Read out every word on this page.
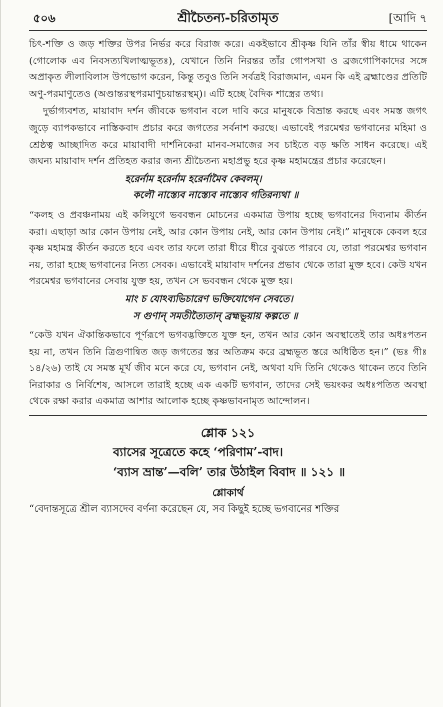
৫০৬	শ্রীচৈতন্য-চরিতামৃত	[আদি ৭

চিৎ-শক্তি ও জড় শক্তির উপর নির্ভর করে বিরাজ করে। একইভাবে শ্রীকৃষ্ণ যিনি তাঁর স্বীয় ধামে থাকেন (গোলোক এব নিবসত্যখিলাত্মভূতঃ), যেখানে তিনি নিরন্তর তাঁর গোপসখা ও ব্রজগোপিকাদের সঙ্গে অপ্রাকৃত লীলাবিলাস উপভোগ করেন, কিন্তু তবুও তিনি সর্বত্রই বিরাজমান, এমন কি এই ব্রহ্মাণ্ডের প্রতিটি অণু-পরমাণুতেও (অণ্ডান্তরস্থপরমাণুচয়ান্তরস্থম্)। এটি হচ্ছে বৈদিক শাস্ত্রের তথ্য।

দুর্ভাগ্যবশত, মায়াবাদ দর্শন জীবকে ভগবান বলে দাবি করে মানুষকে বিভ্রান্ত করছে এবং সমস্ত জগৎ জুড়ে ব্যাপকভাবে নাস্তিকবাদ প্রচার করে জগতের সর্বনাশ করছে। এভাবেই পরমেশ্বর ভগবানের মহিমা ও শ্রেষ্ঠত্ব আচ্ছাদিত করে মায়াবাদী দার্শনিকেরা মানব-সমাজের সব চাইতে বড় ক্ষতি সাধন করেছে। এই জঘন্য মায়াবাদ দর্শন প্রতিহত করার জন্য শ্রীচৈতন্য মহাপ্রভু হরে কৃষ্ণ মহামন্ত্রের প্রচার করেছেন।

হরের্নাম হরের্নাম হরের্নামৈব কেবলম্‌।

কলৌ নাস্ত্যেব নাস্ত্যেব নাস্ত্যেব গতিরন্যথা ॥

“কলহ ও প্রবঞ্চনাময় এই কলিযুগে ভববন্ধন মোচনের একমাত্র উপায় হচ্ছে ভগবানের দিব্যনাম কীর্তন করা। এছাড়া আর কোন উপায় নেই, আর কোন উপায় নেই, আর কোন উপায় নেই।” মানুষকে কেবল হরে কৃষ্ণ মহামন্ত্র কীর্তন করতে হবে এবং তার ফলে তারা ধীরে ধীরে বুঝতে পারবে যে, তারা পরমেশ্বর ভগবান নয়, তারা হচ্ছে ভগবানের নিত্য সেবক। এভাবেই মায়াবাদ দর্শনের প্রভাব থেকে তারা মুক্ত হবে। কেউ যখন পরমেশ্বর ভগবানের সেবায় যুক্ত হয়, তখন সে ভববন্ধন থেকে মুক্ত হয়।

মাং চ যোঽব্যভিচারেণ ভক্তিযোগেন সেবতে।

স গুণান্ সমতীত্যৈতান্ ব্রহ্মভূয়ায় কল্পতে ॥

“কেউ যখন ঐকান্তিকভাবে পূর্ণরূপে ভগবদ্ভক্তিতে যুক্ত হন, তখন আর কোন অবস্থাতেই তার অধঃপতন হয় না, তখন তিনি ত্রিগুণান্বিত জড় জগতের স্তর অতিক্রম করে ব্রহ্মভূত স্তরে অধিষ্ঠিত হন।” (ভঃ গীঃ ১৪/২৬) তাই যে সমস্ত মূর্খ জীব মনে করে যে, ভগবান নেই, অথবা যদি তিনি থেকেও থাকেন তবে তিনি নিরাকার ও নির্বিশেষ, আসলে তারাই হচ্ছে এক একটি ভগবান, তাদের সেই ভয়ংকর অধঃপতিত অবস্থা থেকে রক্ষা করার একমাত্র আশার আলোক হচ্ছে কৃষ্ণভাবনামৃত আন্দোলন।

শ্লোক ১২১
ব্যাসের সূত্রেতে কহে ‘পরিণাম’-বাদ।
‘ব্যাস ভ্রান্ত’—বলি’ তার উঠাইল বিবাদ ॥ ১২১ ॥
শ্লোকার্থ

“বেদান্তসূত্রে শ্রীল ব্যাসদেব বর্ণনা করেছেন যে, সব কিছুই হচ্ছে ভগবানের শক্তির
